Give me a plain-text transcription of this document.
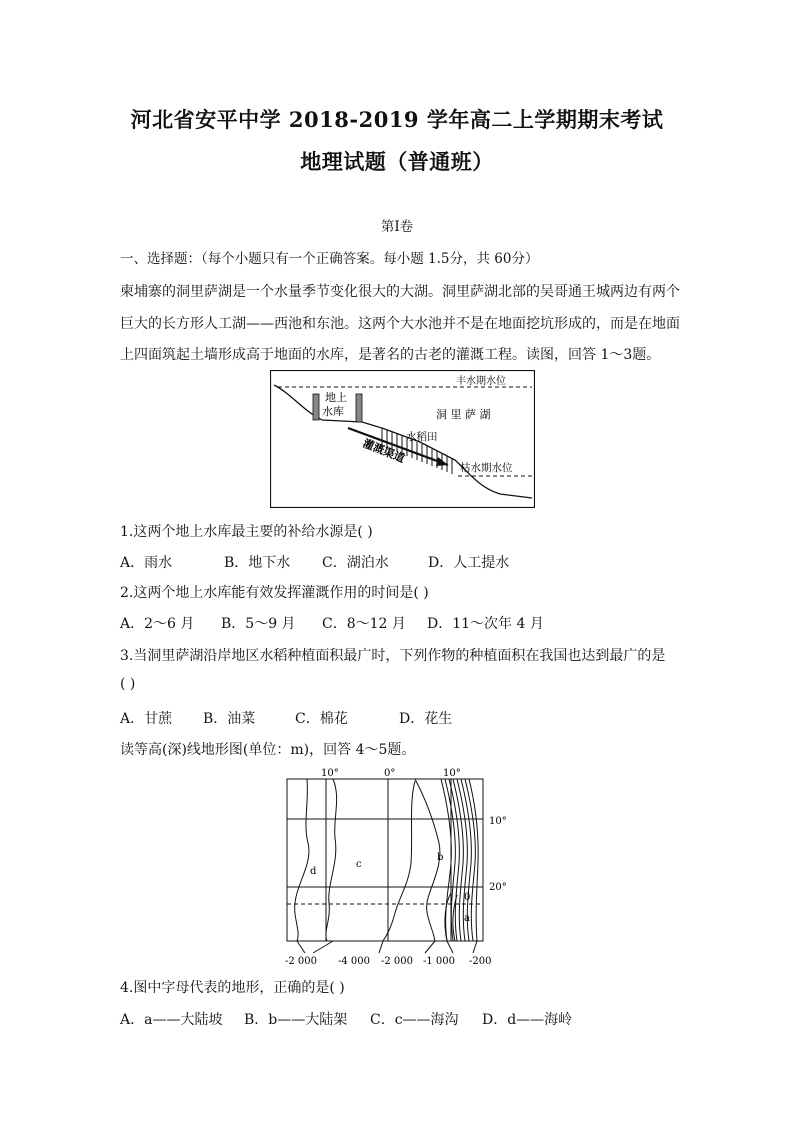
河北省安平中学 2018-2019 学年高二上学期期末考试
地理试题（普通班）
第Ⅰ卷
一、选择题：（每个小题只有一个正确答案。每小题 1.5分，共 60分）
柬埔寨的洞里萨湖是一个水量季节变化很大的大湖。洞里萨湖北部的吴哥通王城两边有两个
巨大的长方形人工湖——西池和东池。这两个大水池并不是在地面挖坑形成的，而是在地面
上四面筑起土墙形成高于地面的水库，是著名的古老的灌溉工程。读图，回答 1～3题。
丰水期水位
地上
水库	洞 里 萨 湖
水稻田
灌溉渠道
枯水期水位
1.这两个地上水库最主要的补给水源是( )
A．雨水	B．地下水 C．湖泊水	D．人工提水
2.这两个地上水库能有效发挥灌溉作用的时间是( )
A．2～6 月 B．5～9 月 C．8～12 月 D．11～次年 4 月
3.当洞里萨湖沿岸地区水稻种植面积最广时，下列作物的种植面积在我国也达到最广的是
( )
A．甘蔗 B．油菜	C．棉花	D．花生
读等高(深)线地形图(单位：m)，回答 4～5题。
10°	0°	10°
10°
20°
d
c
b
a
0
-2 000 -4 000 -2 000 -1 000 -200
4.图中字母代表的地形，正确的是( )
A．a——大陆坡 B．b——大陆架 C．c——海沟 D．d——海岭
